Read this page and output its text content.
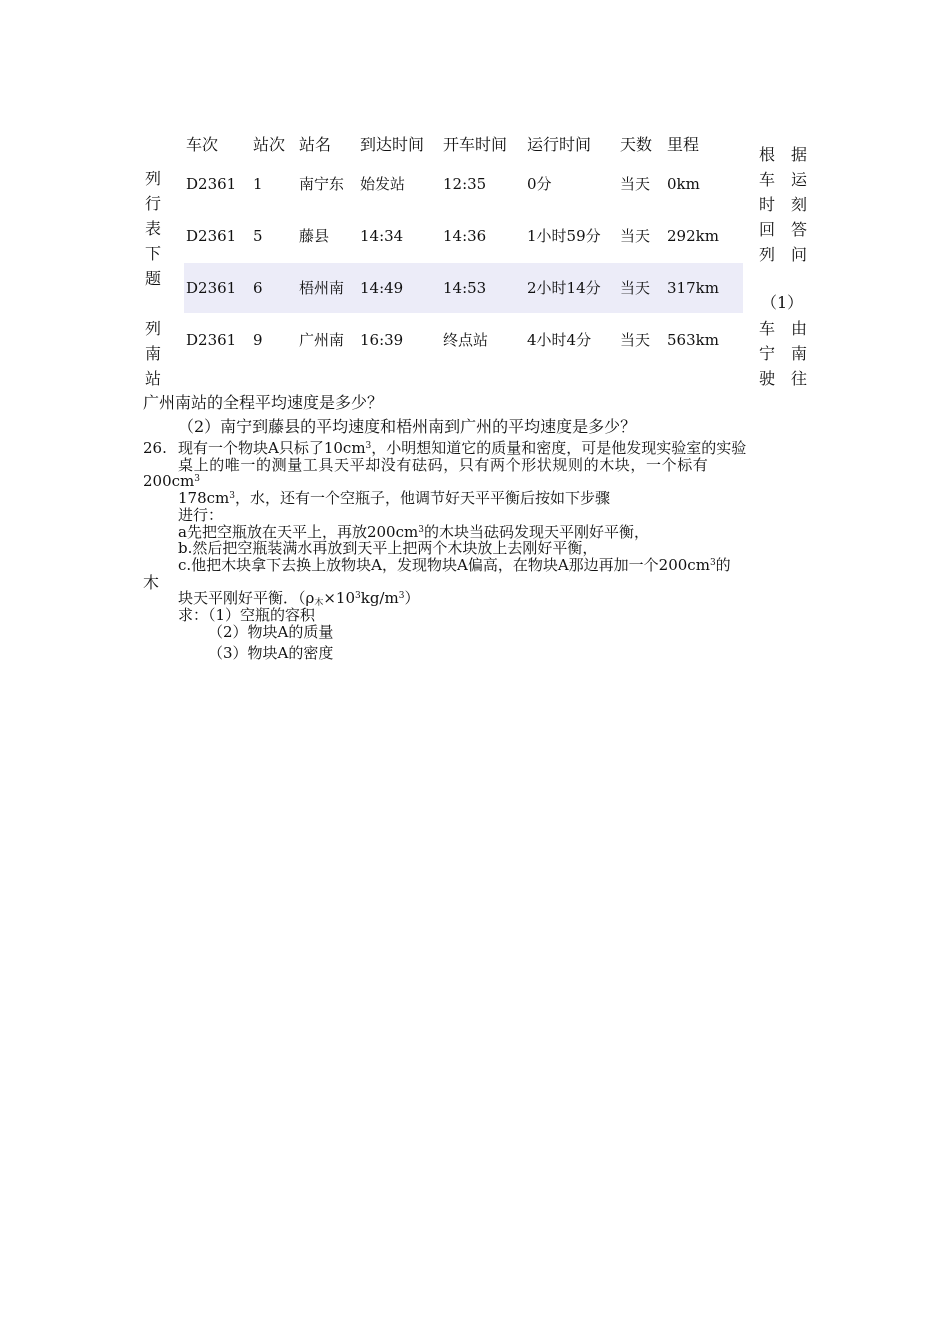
车次 站次 站名 到达时间 开车时间 运行时间 天数 里程
D2361 1 南宁东 始发站	12:35	0分	当天 0km
D2361 5 藤县 14:34	14:36	1小时59分 当天 292km
D2361 6 梧州南 14:49	14:53	2小时14分 当天 317km
D2361 9 广州南 16:39	终点站	4小时4分 当天 563km
列
行
表
下
题
列
南
站
根
车
时
回
列
据
运
刻
答
问
（1）
车
宁
驶
由
南
往
广州南站的全程平均速度是多少？
（2）南宁到藤县的平均速度和梧州南到广州的平均速度是多少？
26. 现有一个物块A只标了$10cm^3$，小明想知道它的质量和密度，可是他发现实验室的实验
桌上的唯一的测量工具天平却没有砝码，只有两个形状规则的木块，一个标有
$200cm^3$
$178cm^3$，水，还有一个空瓶子，他调节好天平平衡后按如下步骤
进行：
a先把空瓶放在天平上，再放$200cm^3$的木块当砝码发现天平刚好平衡，
b.然后把空瓶装满水再放到天平上把两个木块放上去刚好平衡，
c.他把木块拿下去换上放物块A，发现物块A偏高，在物块A那边再加一个$200cm^3$的
木
块天平刚好平衡．$(\rho_木\times 10^3kg/m^3)$
求：（1）空瓶的容积
（2）物块A的质量
（3）物块A的密度
